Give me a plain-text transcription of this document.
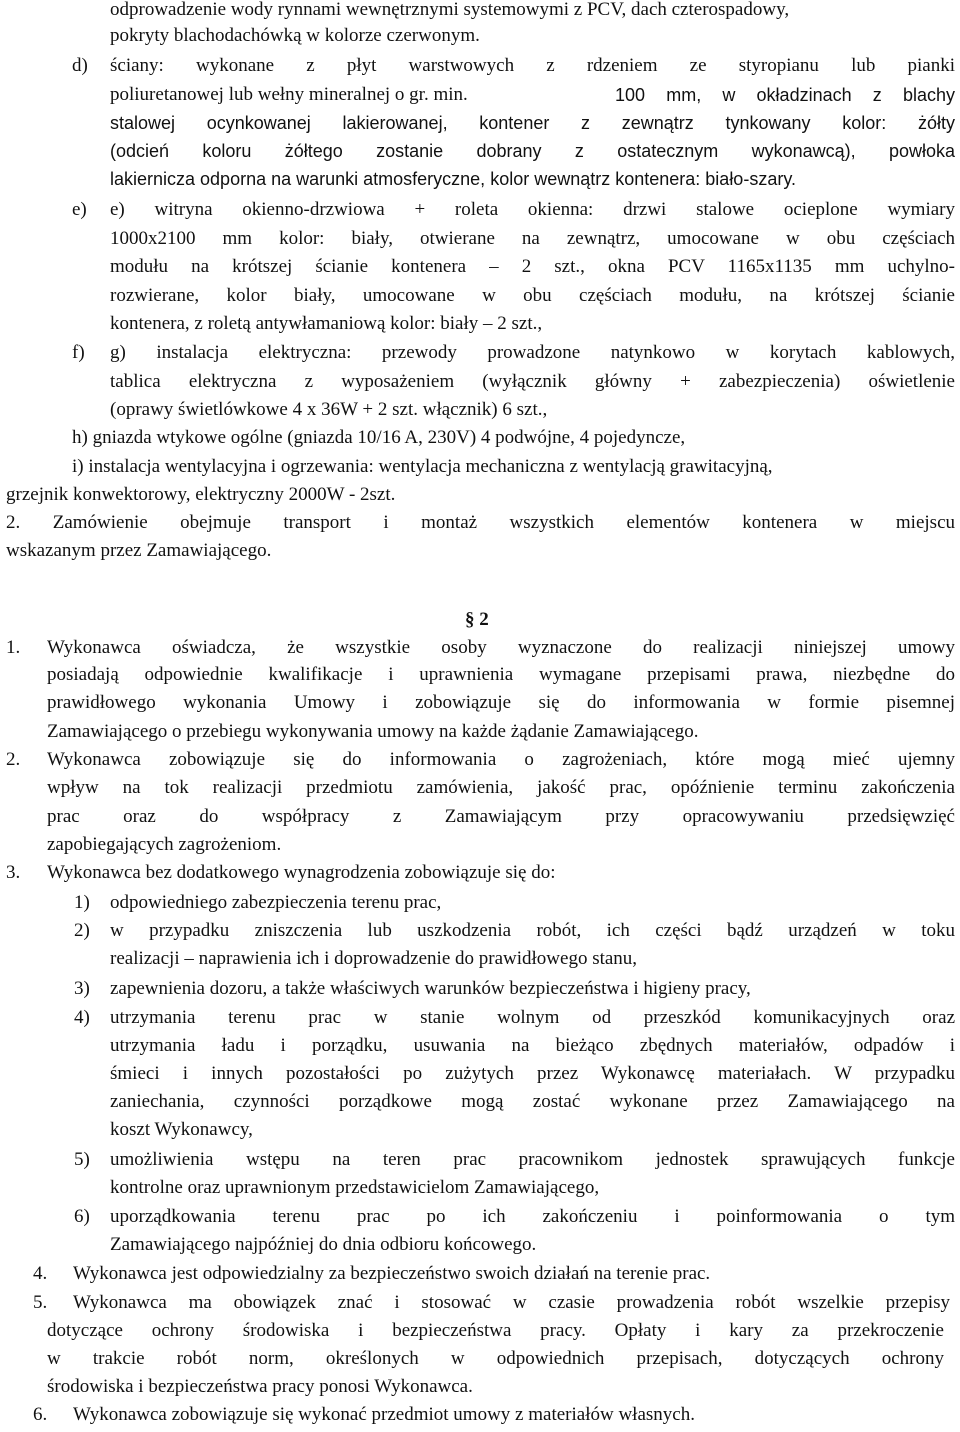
odprowadzenie wody rynnami wewnętrznymi systemowymi z PCV, dach czterospadowy,
pokryty blachodachówką w kolorze czerwonym.
d) ściany: wykonane z płyt warstwowych z rdzeniem ze styropianu lub pianki
poliuretanowej lub wełny mineralnej o gr. min.	100 mm, w okładzinach z blachy
stalowej ocynkowanej lakierowanej, kontener z zewnątrz tynkowany kolor: żółty
(odcień koloru żółtego zostanie dobrany z ostatecznym wykonawcą), powłoka
lakiernicza odporna na warunki atmosferyczne, kolor wewnątrz kontenera: biało-szary.
e) e) witryna okienno-drzwiowa + roleta okienna: drzwi stalowe ocieplone wymiary
1000x2100 mm kolor: biały, otwierane na zewnątrz, umocowane w obu częściach
modułu na krótszej ścianie kontenera – 2 szt., okna PCV 1165x1135 mm uchylno-
rozwierane, kolor biały, umocowane w obu częściach modułu, na krótszej ścianie
kontenera, z roletą antywłamaniową kolor: biały – 2 szt.,
f) g) instalacja elektryczna: przewody prowadzone natynkowo w korytach kablowych,
tablica elektryczna z wyposażeniem (wyłącznik główny + zabezpieczenia) oświetlenie
(oprawy świetlówkowe 4 x 36W + 2 szt. włącznik) 6 szt.,
h) gniazda wtykowe ogólne (gniazda 10/16 A, 230V) 4 podwójne, 4 pojedyncze,
i) instalacja wentylacyjna i ogrzewania: wentylacja mechaniczna z wentylacją grawitacyjną,
grzejnik konwektorowy, elektryczny 2000W - 2szt.
2. Zamówienie obejmuje transport i montaż wszystkich elementów kontenera w miejscu
wskazanym przez Zamawiającego.
§ 2
1. Wykonawca oświadcza, że wszystkie osoby wyznaczone do realizacji niniejszej umowy
posiadają odpowiednie kwalifikacje i uprawnienia wymagane przepisami prawa, niezbędne do
prawidłowego wykonania Umowy i zobowiązuje się do informowania w formie pisemnej
Zamawiającego o przebiegu wykonywania umowy na każde żądanie Zamawiającego.
2. Wykonawca zobowiązuje się do informowania o zagrożeniach, które mogą mieć ujemny
wpływ na tok realizacji przedmiotu zamówienia, jakość prac, opóźnienie terminu zakończenia
prac oraz do współpracy z Zamawiającym przy opracowywaniu przedsięwzięć
zapobiegających zagrożeniom.
3. Wykonawca bez dodatkowego wynagrodzenia zobowiązuje się do:
1) odpowiedniego zabezpieczenia terenu prac,
2) w przypadku zniszczenia lub uszkodzenia robót, ich części bądź urządzeń w toku
realizacji – naprawienia ich i doprowadzenie do prawidłowego stanu,
3) zapewnienia dozoru, a także właściwych warunków bezpieczeństwa i higieny pracy,
4) utrzymania terenu prac w stanie wolnym od przeszkód komunikacyjnych oraz
utrzymania ładu i porządku, usuwania na bieżąco zbędnych materiałów, odpadów i
śmieci i innych pozostałości po zużytych przez Wykonawcę materiałach. W przypadku
zaniechania, czynności porządkowe mogą zostać wykonane przez Zamawiającego na
koszt Wykonawcy,
5) umożliwienia wstępu na teren prac pracownikom jednostek sprawujących funkcje
kontrolne oraz uprawnionym przedstawicielom Zamawiającego,
6) uporządkowania terenu prac po ich zakończeniu i poinformowania o tym
Zamawiającego najpóźniej do dnia odbioru końcowego.
4. Wykonawca jest odpowiedzialny za bezpieczeństwo swoich działań na terenie prac.
5. Wykonawca ma obowiązek znać i stosować w czasie prowadzenia robót wszelkie przepisy
dotyczące ochrony środowiska i bezpieczeństwa pracy. Opłaty i kary za przekroczenie
w trakcie robót norm, określonych w odpowiednich przepisach, dotyczących ochrony
środowiska i bezpieczeństwa pracy ponosi Wykonawca.
6. Wykonawca zobowiązuje się wykonać przedmiot umowy z materiałów własnych.
